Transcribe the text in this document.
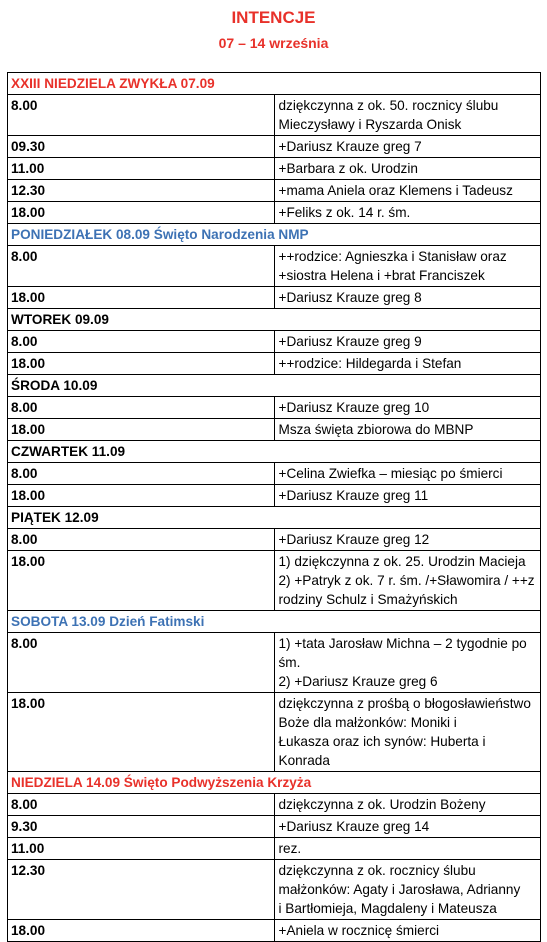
INTENCJE
07 – 14 września
XXIII NIEDZIELA ZWYKŁA 07.09	
8.00	dziękczynna z ok. 50. rocznicy ślubu Mieczysławy i Ryszarda Onisk

09.30	+Dariusz Krauze greg 7

11.00	+Barbara z ok. Urodzin

12.30	+mama Aniela oraz Klemens i Tadeusz

18.00	+Feliks z ok. 14 r. śm.

PONIEDZIAŁEK 08.09 Święto Narodzenia NMP	
8.00	++rodzice: Agnieszka i Stanisław oraz +siostra Helena i +brat Franciszek

18.00	+Dariusz Krauze greg 8

WTOREK 09.09	
8.00	+Dariusz Krauze greg 9

18.00	++rodzice: Hildegarda i Stefan

ŚRODA 10.09	
8.00	+Dariusz Krauze greg 10

18.00	Msza święta zbiorowa do MBNP

CZWARTEK 11.09	
8.00	+Celina Zwiefka – miesiąc po śmierci

18.00	+Dariusz Krauze greg 11

PIĄTEK 12.09	
8.00	+Dariusz Krauze greg 12

18.00	1) dziękczynna z ok. 25. Urodzin Macieja
2) +Patryk z ok. 7 r. śm. /+Sławomira / ++z rodziny Schulz i Smażyńskich

SOBOTA 13.09 Dzień Fatimski	
8.00	1) +tata Jarosław Michna – 2 tygodnie po śm.
2) +Dariusz Krauze greg 6

18.00	dziękczynna z prośbą o błogosławieństwo Boże dla małżonków: Moniki i
Łukasza oraz ich synów: Huberta i Konrada

NIEDZIELA 14.09 Święto Podwyższenia Krzyża	
8.00	dziękczynna z ok. Urodzin Bożeny

9.30	+Dariusz Krauze greg 14

11.00	rez.

12.30	dziękczynna z ok. rocznicy ślubu małżonków: Agaty i Jarosława, Adrianny
i Bartłomieja, Magdaleny i Mateusza

18.00	+Aniela w rocznicę śmierci
